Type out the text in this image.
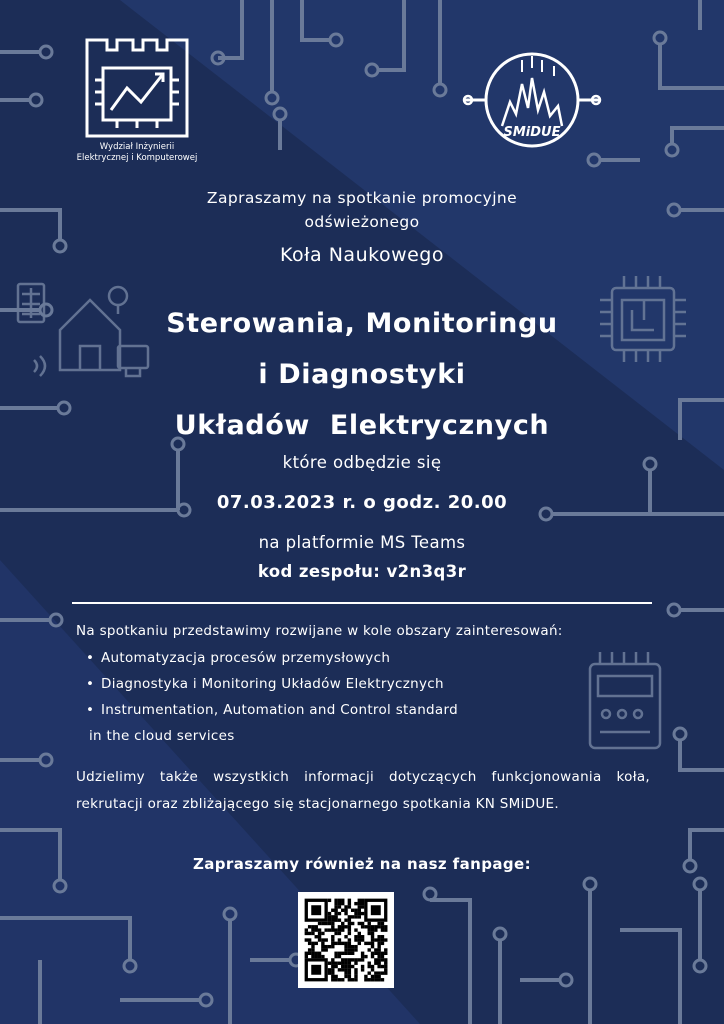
Wydział Inżynierii
Elektrycznej i Komputerowej
SMiDUE
Zapraszamy na spotkanie promocyjne
odświeżonego
Koła Naukowego
Sterowania, Monitoringu
i Diagnostyki
Układów  Elektrycznych
które odbędzie się
07.03.2023 r. o godz. 20.00
na platformie MS Teams
kod zespołu: v2n3q3r
Na spotkaniu przedstawimy rozwijane w kole obszary zainteresowań:
• Automatyzacja procesów przemysłowych
• Diagnostyka i Monitoring Układów Elektrycznych
• Instrumentation, Automation and Control standard
in the cloud services
Udzielimy także wszystkich informacji dotyczących funkcjonowania koła, rekrutacji oraz zbliżającego się stacjonarnego spotkania KN SMiDUE.
Zapraszamy również na nasz fanpage:
